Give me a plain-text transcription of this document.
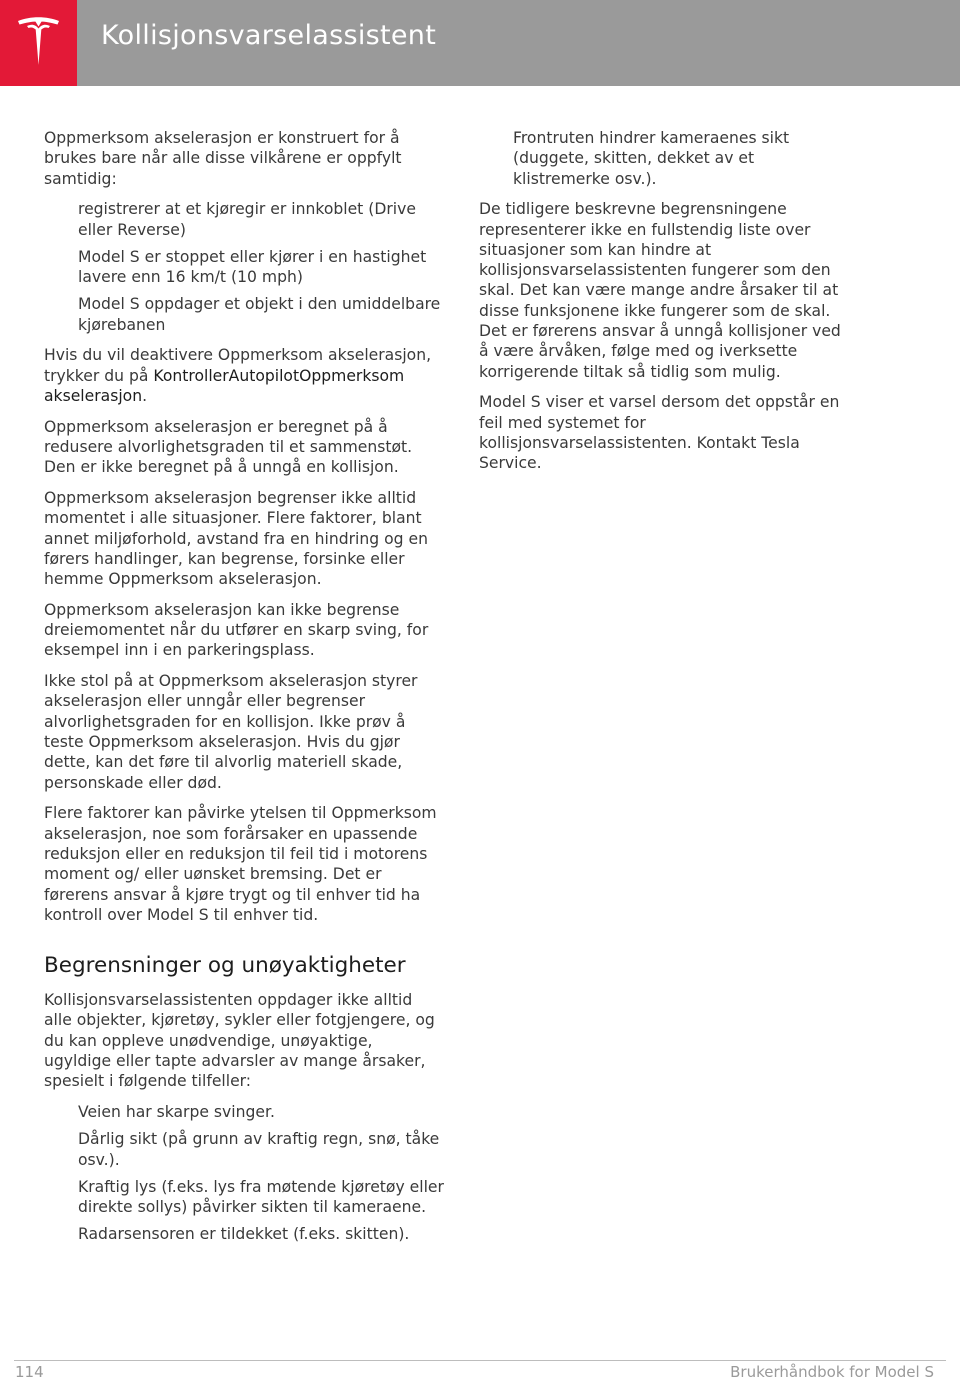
Kollisjonsvarselassistent

Oppmerksom akselerasjon er konstruert for å brukes bare når alle disse vilkårene er oppfylt samtidig:

registrerer at et kjøregir er innkoblet (Drive eller Reverse)
Model S er stoppet eller kjører i en hastighet lavere enn 16 km/t (10 mph)
Model S oppdager et objekt i den umiddelbare kjørebanen

Hvis du vil deaktivere Oppmerksom akselerasjon, trykker du på KontrollerAutopilotOppmerksom akselerasjon.

Oppmerksom akselerasjon er beregnet på å redusere alvorlighetsgraden til et sammenstøt. Den er ikke beregnet på å unngå en kollisjon.

Oppmerksom akselerasjon begrenser ikke alltid momentet i alle situasjoner. Flere faktorer, blant annet miljøforhold, avstand fra en hindring og en førers handlinger, kan begrense, forsinke eller hemme Oppmerksom akselerasjon.

Oppmerksom akselerasjon kan ikke begrense dreiemomentet når du utfører en skarp sving, for eksempel inn i en parkeringsplass.

Ikke stol på at Oppmerksom akselerasjon styrer akselerasjon eller unngår eller begrenser alvorlighetsgraden for en kollisjon. Ikke prøv å teste Oppmerksom akselerasjon. Hvis du gjør dette, kan det føre til alvorlig materiell skade, personskade eller død.

Flere faktorer kan påvirke ytelsen til Oppmerksom akselerasjon, noe som forårsaker en upassende reduksjon eller en reduksjon til feil tid i motorens moment og/ eller uønsket bremsing. Det er førerens ansvar å kjøre trygt og til enhver tid ha kontroll over Model S til enhver tid.

Begrensninger og unøyaktigheter

Kollisjonsvarselassistenten oppdager ikke alltid alle objekter, kjøretøy, sykler eller fotgjengere, og du kan oppleve unødvendige, unøyaktige, ugyldige eller tapte advarsler av mange årsaker, spesielt i følgende tilfeller:

Veien har skarpe svinger.
Dårlig sikt (på grunn av kraftig regn, snø, tåke osv.).
Kraftig lys (f.eks. lys fra møtende kjøretøy eller direkte sollys) påvirker sikten til kameraene.
Radarsensoren er tildekket (f.eks. skitten).
Frontruten hindrer kameraenes sikt (duggete, skitten, dekket av et klistremerke osv.).

De tidligere beskrevne begrensningene representerer ikke en fullstendig liste over situasjoner som kan hindre at kollisjonsvarselassistenten fungerer som den skal. Det kan være mange andre årsaker til at disse funksjonene ikke fungerer som de skal. Det er førerens ansvar å unngå kollisjoner ved å være årvåken, følge med og iverksette korrigerende tiltak så tidlig som mulig.

Model S viser et varsel dersom det oppstår en feil med systemet for kollisjonsvarselassistenten. Kontakt Tesla Service.

114	Brukerhåndbok for Model S
